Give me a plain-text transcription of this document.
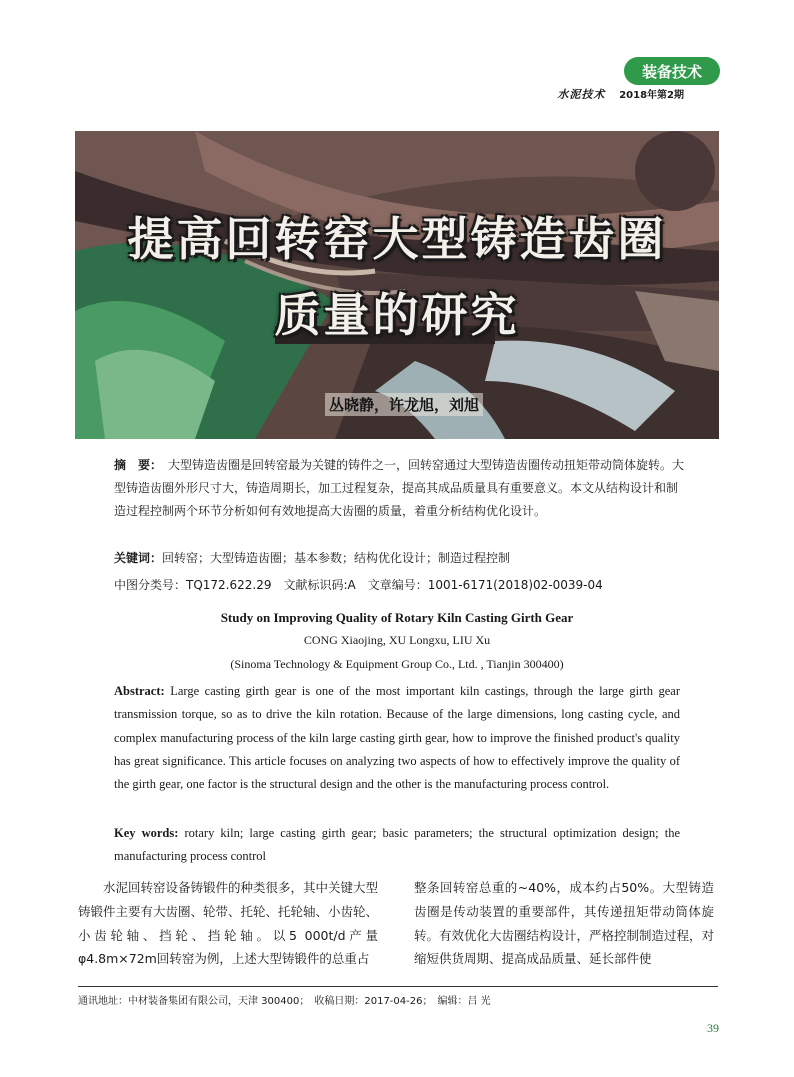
装备技术
水泥技术 2018年第2期
提高回转窑大型铸造齿圈
质量的研究
丛晓静，许龙旭，刘旭
摘　要： 大型铸造齿圈是回转窑最为关键的铸件之一，回转窑通过大型铸造齿圈传动扭矩带动筒体旋转。大型铸造齿圈外形尺寸大，铸造周期长，加工过程复杂，提高其成品质量具有重要意义。本文从结构设计和制造过程控制两个环节分析如何有效地提高大齿圈的质量，着重分析结构优化设计。
关键词：回转窑；大型铸造齿圈；基本参数；结构优化设计；制造过程控制
中图分类号：TQ172.622.29　文献标识码:A　文章编号：1001-6171(2018)02-0039-04
Study on Improving Quality of Rotary Kiln Casting Girth Gear
CONG Xiaojing, XU Longxu, LIU Xu
(Sinoma Technology & Equipment Group Co., Ltd. , Tianjin 300400)
Abstract: Large casting girth gear is one of the most important kiln castings, through the large girth gear transmission torque, so as to drive the kiln rotation. Because of the large dimensions, long casting cycle, and complex manufacturing process of the kiln large casting girth gear, how to improve the finished product's quality has great significance. This article focuses on analyzing two aspects of how to effectively improve the quality of the girth gear, one factor is the structural design and the other is the manufacturing process control.
Key words: rotary kiln; large casting girth gear; basic parameters; the structural optimization design; the manufacturing process control
水泥回转窑设备铸锻件的种类很多，其中关键大型铸锻件主要有大齿圈、轮带、托轮、托轮轴、小齿轮、小齿轮轴、挡轮、挡轮轴。以5 000t/d产量φ4.8m×72m回转窑为例，上述大型铸锻件的总重占
整条回转窑总重的~40%，成本约占50%。大型铸造齿圈是传动装置的重要部件，其传递扭矩带动筒体旋转。有效优化大齿圈结构设计，严格控制制造过程，对缩短供货周期、提高成品质量、延长部件使
通讯地址：中材装备集团有限公司，天津 300400；　收稿日期：2017-04-26；　编辑：吕 光
39
